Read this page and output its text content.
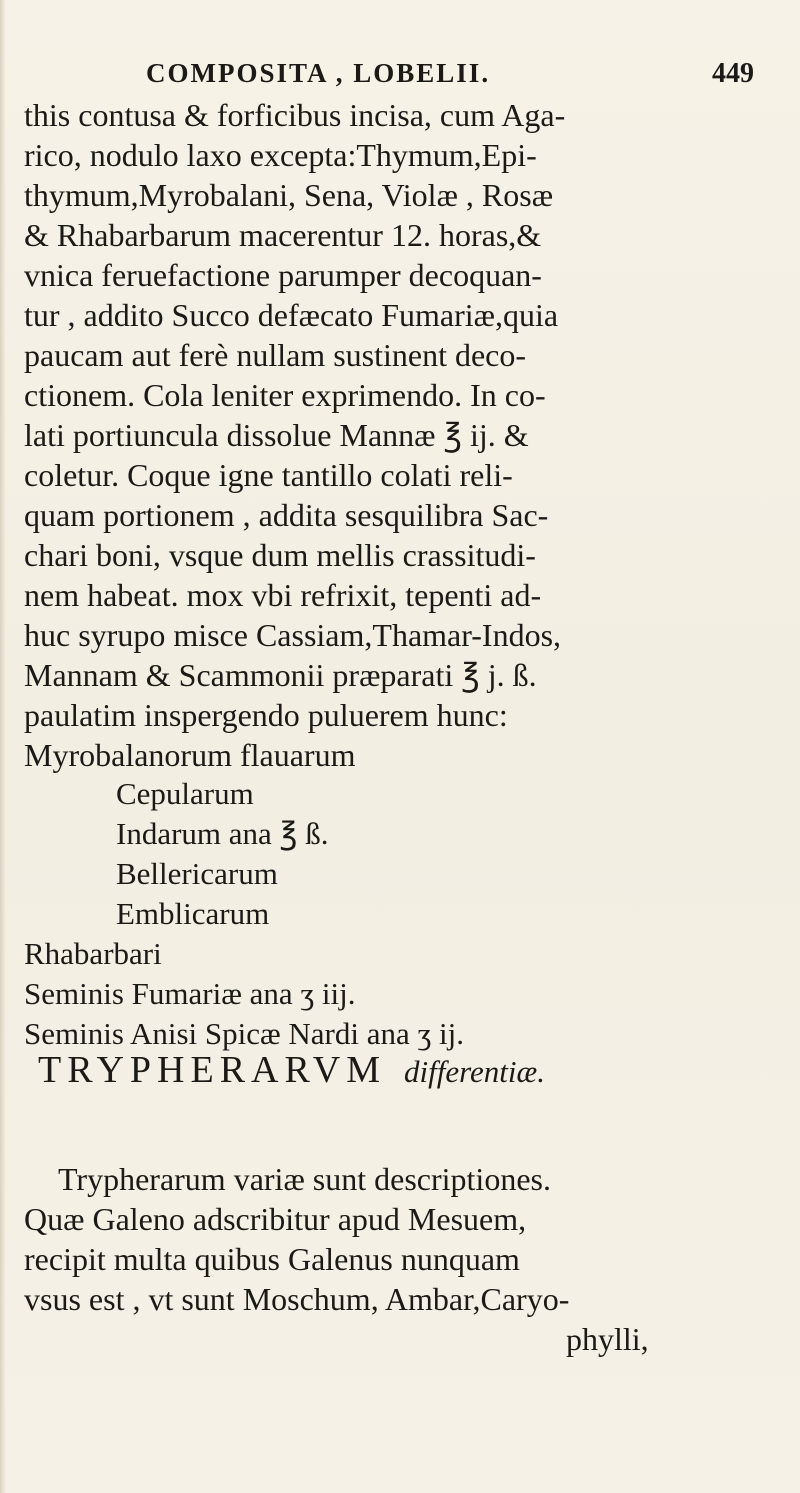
COMPOSITA , LOBELII.	449
this contusa & forficibus incisa, cum Aga-
rico, nodulo laxo excepta:Thymum,Epi-
thymum,Myrobalani, Sena, Violæ , Rosæ
& Rhabarbarum macerentur 12. horas,&
vnica feruefactione parumper decoquan-
tur , addito Succo defæcato Fumariæ,quia
paucam aut ferè nullam sustinent deco-
ctionem. Cola leniter exprimendo. In co-
lati portiuncula dissolue Mannæ ℥ ij. &
coletur. Coque igne tantillo colati reli-
quam portionem , addita sesquilibra Sac-
chari boni, vsque dum mellis crassitudi-
nem habeat. mox vbi refrixit, tepenti ad-
huc syrupo misce Cassiam,Thamar-Indos,
Mannam & Scammonii præparati ℥ j. ß.
paulatim inspergendo puluerem hunc:
Myrobalanorum flauarum
Cepularum
Indarum ana ℥ ß.
Bellericarum
Emblicarum
Rhabarbari
Seminis Fumariæ ana ʒ iij.
Seminis Anisi Spicæ Nardi ana ʒ ij.
TRYPHERARVM differentiæ.
Trypherarum variæ sunt descriptiones.
Quæ Galeno adscribitur apud Mesuem,
recipit multa quibus Galenus nunquam
vsus est , vt sunt Moschum, Ambar,Caryo-
phylli,
